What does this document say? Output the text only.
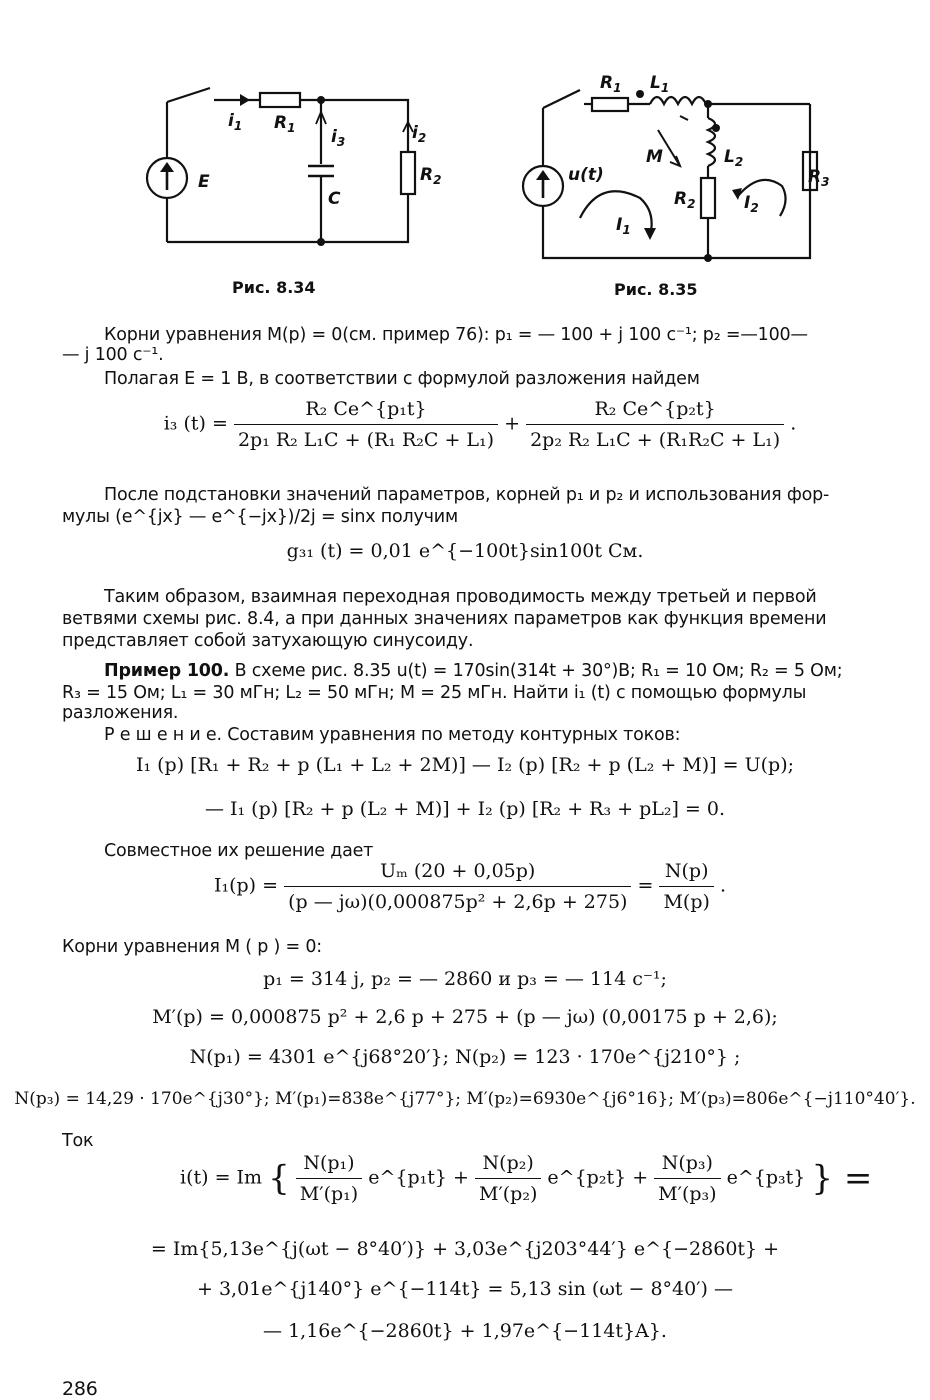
E
$i_1$ $R_1$ $i_3$
C
$i_2$
$R_2$
Рис. 8.34
u(t)
$R_1$ $L_1$
M	$L_2$
$R_2$
$R_3$
$I_1$
$I_2$
Рис. 8.35
Корни уравнения M(p) = 0(см. пример 76): p₁ = — 100 + j 100 с⁻¹; p₂ =—100—
— j 100 с⁻¹.
Полагая E = 1 В, в соответствии с формулой разложения найдем
i₃ $(t) = \frac{\text{R₂ Ce\textasciicircum{}\{p₁t\}}}{\text{2p₁ R₂ L₁C + (R₁ R₂C + L₁)}} + \frac{\text{R₂ Ce\textasciicircum{}\{p₂t\}}}{\text{2p₂ R₂ L₁C + (R₁R₂C + L₁)}}$ .
После подстановки значений параметров, корней p₁ и p₂ и использования фор-
мулы (e^{jx} — e^{−jx})/2j = sinx получим
g₃₁ (t) = 0,01 e^{−100t}sin100t См.
Таким образом, взаимная переходная проводимость между третьей и первой
ветвями схемы рис. 8.4, a при данных значениях параметров как функция времени
представляет собой затухающую синусоиду.
Пример 100. В схеме рис. 8.35 u(t) = 170sin(314t + 30°)В; R₁ = 10 Ом; R₂ = 5 Ом;
R₃ = 15 Ом; L₁ = 30 мГн; L₂ = 50 мГн; M = 25 мГн. Найти i₁ (t) с помощью формулы
разложения.
Р е ш е н и е. Составим уравнения по методу контурных токов:
I₁ (p) [R₁ + R₂ + p (L₁ + L₂ + 2M)] — I₂ (p) [R₂ + p (L₂ + M)] = U(p);
— I₁ (p) [R₂ + p (L₂ + M)] + I₂ (p) [R₂ + R₃ + pL₂] = 0.
Совместное их решение дает
$I_1(p) = \frac{\text{Uₘ (20 + 0,05p)}}{\text{(p — jω)(0,000875p² + 2,6p + 275)}} = \frac{N(p)}{M(p)}$ .
Корни уравнения M ( p ) = 0:
p₁ = 314 j, p₂ = — 2860 и p₃ = — 114 с⁻¹;
M′(p) = 0,000875 p² + 2,6 p + 275 + (p — jω) (0,00175 p + 2,6);
N(p₁) = 4301 e^{j68°20′}; N(p₂) = 123 · 170e^{j210°} ;
N(p₃) = 14,29 · 170e^{j30°}; M′(p₁)=838e^{j77°}; M′(p₂)=6930e^{j6°16}; M′(p₃)=806e^{−j110°40′}.
Ток
i(t) = Im { $\frac{\text{N(p₁)}}{\text{M′(p₁)}}$ e^{p₁t} + $\frac{\text{N(p₂)}}{\text{M′(p₂)}}$ e^{p₂t} + $\frac{\text{N(p₃)}}{\text{M′(p₃)}}$ e^{p₃t} } =
= Im{5,13e^{j(ωt − 8°40′)} + 3,03e^{j203°44′} e^{−2860t} +
+ 3,01e^{j140°} e^{−114t} = 5,13 sin (ωt − 8°40′) —
— 1,16e^{−2860t} + 1,97e^{−114t}A}.
286
